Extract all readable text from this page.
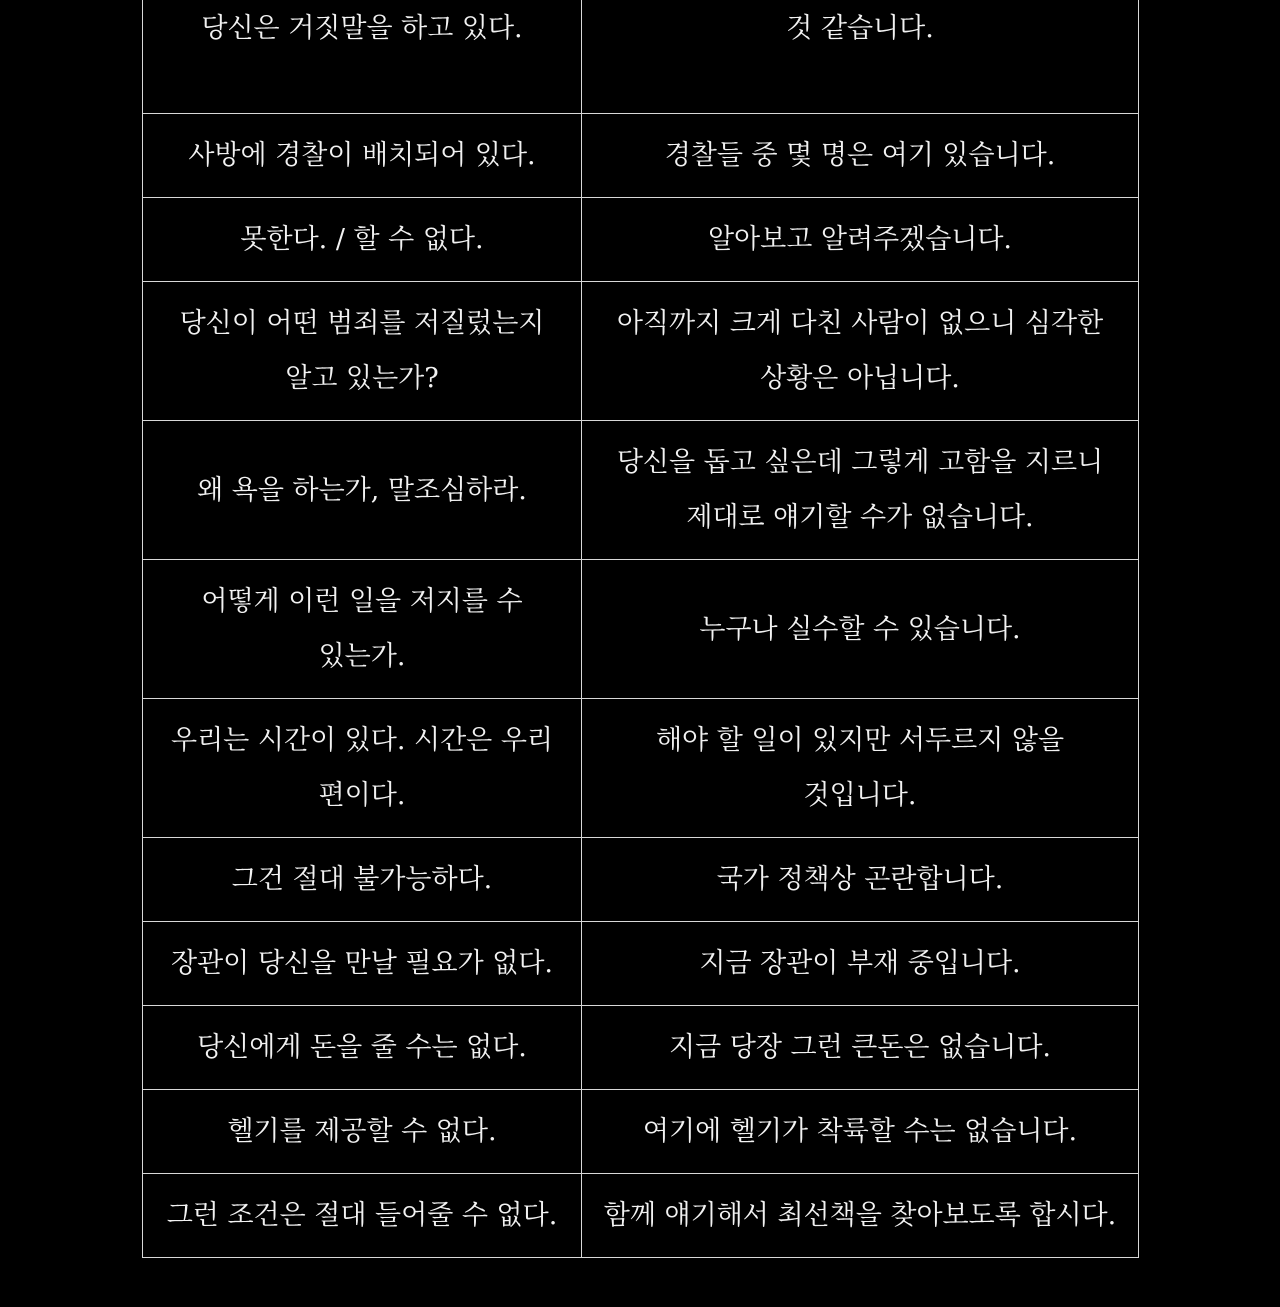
당신은 거짓말을 하고 있다.	것 같습니다.
사방에 경찰이 배치되어 있다.	경찰들 중 몇 명은 여기 있습니다.
못한다. / 할 수 없다.	알아보고 알려주겠습니다.
당신이 어떤 범죄를 저질렀는지 알고 있는가?	아직까지 크게 다친 사람이 없으니 심각한 상황은 아닙니다.
왜 욕을 하는가, 말조심하라.	당신을 돕고 싶은데 그렇게 고함을 지르니 제대로 얘기할 수가 없습니다.
어떻게 이런 일을 저지를 수 있는가.	누구나 실수할 수 있습니다.
우리는 시간이 있다. 시간은 우리 편이다.	해야 할 일이 있지만 서두르지 않을 것입니다.
그건 절대 불가능하다.	국가 정책상 곤란합니다.
장관이 당신을 만날 필요가 없다.	지금 장관이 부재 중입니다.
당신에게 돈을 줄 수는 없다.	지금 당장 그런 큰돈은 없습니다.
헬기를 제공할 수 없다.	여기에 헬기가 착륙할 수는 없습니다.
그런 조건은 절대 들어줄 수 없다.	함께 얘기해서 최선책을 찾아보도록 합시다.
